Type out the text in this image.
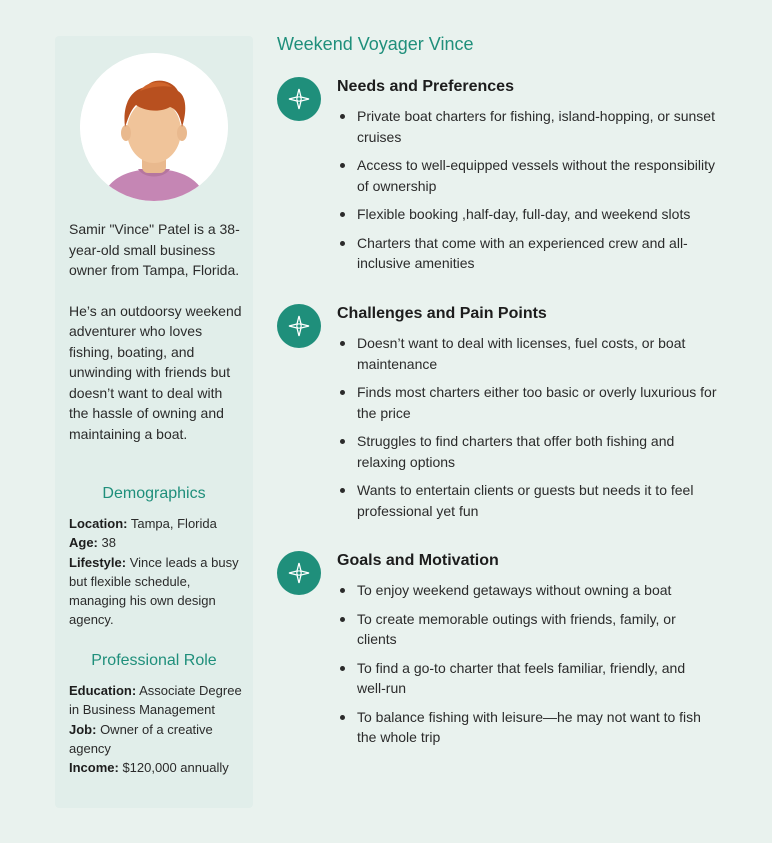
Samir "Vince" Patel is a 38-year-old small business owner from Tampa, Florida.

He’s an outdoorsy weekend adventurer who loves fishing, boating, and unwinding with friends but doesn’t want to deal with the hassle of owning and maintaining a boat.

Demographics
Location: Tampa, Florida
Age: 38
Lifestyle: Vince leads a busy but flexible schedule, managing his own design agency.
Professional Role
Education: Associate Degree in Business Management
Job: Owner of a creative agency
Income: $120,000 annually
Weekend Voyager Vince
Needs and Preferences
Private boat charters for fishing, island-hopping, or sunset cruises
Access to well-equipped vessels without the responsibility of ownership
Flexible booking ,half-day, full-day, and weekend slots
Charters that come with an experienced crew and all-inclusive amenities
Challenges and Pain Points
Doesn’t want to deal with licenses, fuel costs, or boat maintenance
Finds most charters either too basic or overly luxurious for the price
Struggles to find charters that offer both fishing and relaxing options
Wants to entertain clients or guests but needs it to feel professional yet fun
Goals and Motivation
To enjoy weekend getaways without owning a boat
To create memorable outings with friends, family, or clients
To find a go-to charter that feels familiar, friendly, and well-run
To balance fishing with leisure—he may not want to fish the whole trip
